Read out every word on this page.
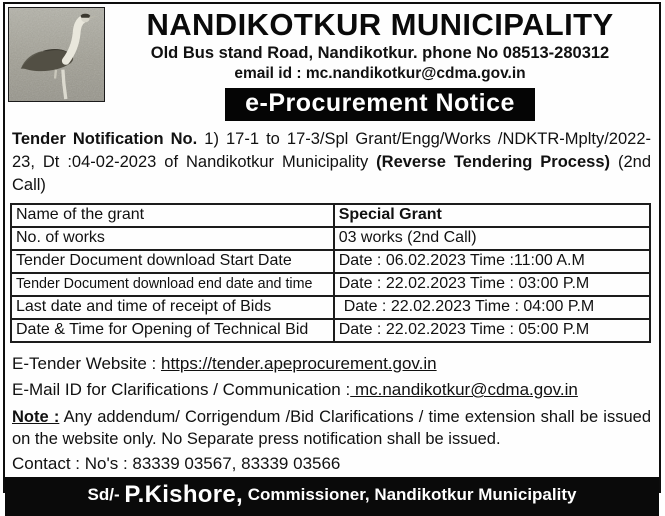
NANDIKOTKUR MUNICIPALITY
Old Bus stand Road, Nandikotkur. phone No 08513-280312
email id : mc.nandikotkur@cdma.gov.in
e-Procurement Notice
Tender Notification No. 1) 17-1 to 17-3/Spl Grant/Engg/Works /NDKTR-Mplty/2022-23, Dt :04-02-2023 of Nandikotkur Municipality (Reverse Tendering Process) (2nd Call)
Name of the grant	Special Grant
No. of works	03 works (2nd Call)
Tender Document download Start Date	Date : 06.02.2023 Time :11:00 A.M
Tender Document download end date and time	Date : 22.02.2023 Time : 03:00 P.M
Last date and time of receipt of Bids	Date : 22.02.2023 Time : 04:00 P.M
Date & Time for Opening of Technical Bid	Date : 22.02.2023 Time : 05:00 P.M
E-Tender Website : https://tender.apeprocurement.gov.in
E-Mail ID for Clarifications / Communication : mc.nandikotkur@cdma.gov.in
Note : Any addendum/ Corrigendum /Bid Clarifications / time extension shall be issued on the website only. No Separate press notification shall be issued.
Contact : No's : 83339 03567, 83339 03566
Sd/- P.Kishore, Commissioner, Nandikotkur Municipality
